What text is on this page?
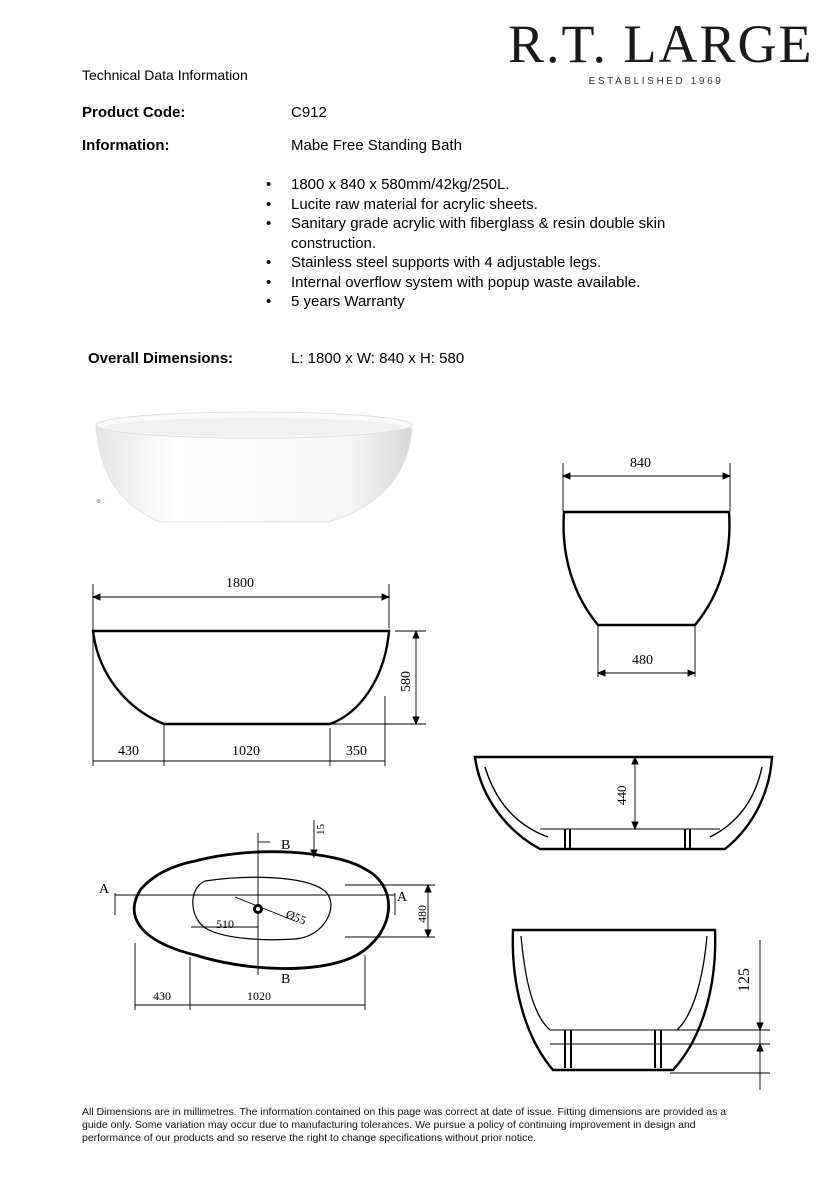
R.T. LARGE
ESTABLISHED 1969
Technical Data Information
Product Code:	C912
Information:	Mabe Free Standing Bath
• 1800 x 840 x 580mm/42kg/250L.
• Lucite raw material for acrylic sheets.
• Sanitary grade acrylic with fiberglass & resin double skin construction.
• Stainless steel supports with 4 adjustable legs.
• Internal overflow system with popup waste available.
• 5 years Warranty
Overall Dimensions:	L: 1800 x W: 840 x H: 580
⊗ :
1800
580
430	1020	350
840
480
440
B
B
A
A
15
480
510	Ø55
430	1020
125
All Dimensions are in millimetres. The information contained on this page was correct at date of issue. Fitting dimensions are provided as a guide only. Some variation may occur due to manufacturing tolerances. We pursue a policy of continuing improvement in design and performance of our products and so reserve the right to change specifications without prior notice.
